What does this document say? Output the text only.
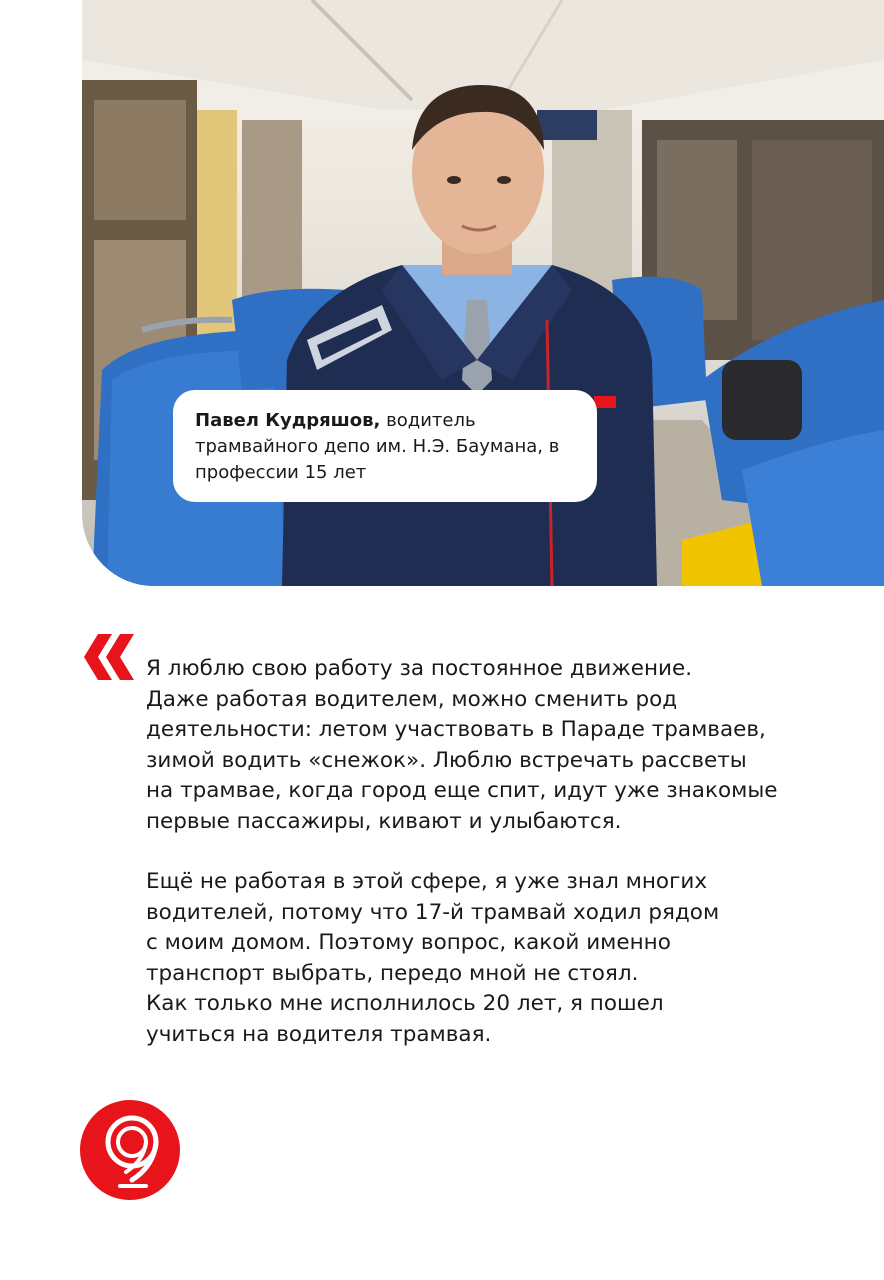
Павел Кудряшов, водитель трамвайного депо им. Н.Э. Баумана, в профессии 15 лет

Я люблю свою работу за постоянное движение.
Даже работая водителем, можно сменить род
деятельности: летом участвовать в Параде трамваев,
зимой водить «снежок». Люблю встречать рассветы
на трамвае, когда город еще спит, идут уже знакомые
первые пассажиры, кивают и улыбаются.

Ещё не работая в этой сфере, я уже знал многих
водителей, потому что 17-й трамвай ходил рядом
с моим домом. Поэтому вопрос, какой именно
транспорт выбрать, передо мной не стоял.
Как только мне исполнилось 20 лет, я пошел
учиться на водителя трамвая.
